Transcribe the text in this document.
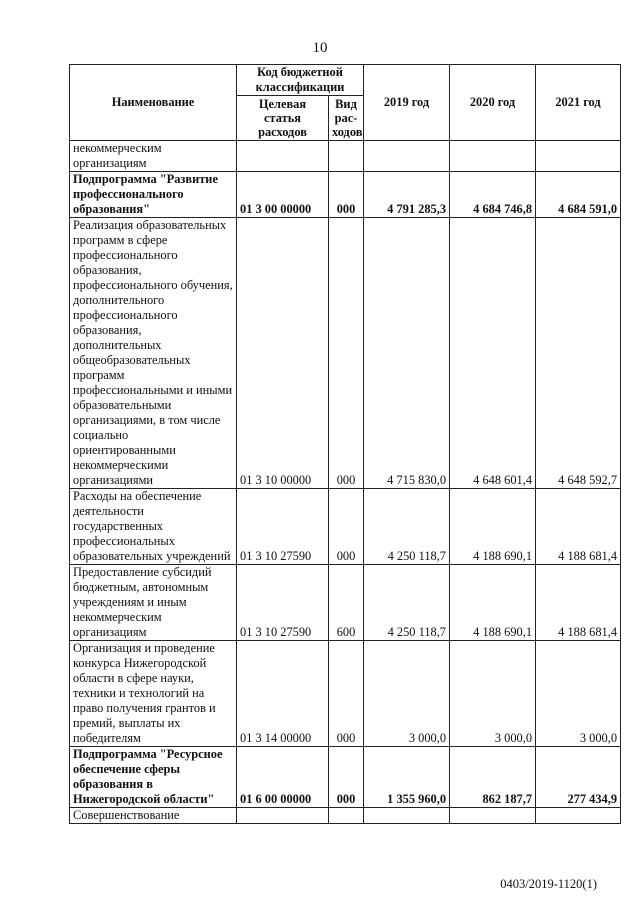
10
Наименование	Код бюджетной классификации		2019 год	2020 год	2021 год
	Целевая статья расходов	Вид рас-ходов			
некоммерческим организациям					
Подпрограмма "Развитие профессионального образования"	01 3 00 00000	000	4 791 285,3	4 684 746,8	4 684 591,0
Реализация образовательных программ в сфере профессионального образования, профессионального обучения, дополнительного профессионального образования, дополнительных общеобразовательных программ профессиональными и иными образовательными организациями, в том числе социально ориентированными некоммерческими организациями	01 3 10 00000	000	4 715 830,0	4 648 601,4	4 648 592,7
Расходы на обеспечение деятельности государственных профессиональных образовательных учреждений	01 3 10 27590	000	4 250 118,7	4 188 690,1	4 188 681,4
Предоставление субсидий бюджетным, автономным учреждениям и иным некоммерческим организациям	01 3 10 27590	600	4 250 118,7	4 188 690,1	4 188 681,4
Организация и проведение конкурса Нижегородской области в сфере науки, техники и технологий на право получения грантов и премий, выплаты их победителям	01 3 14 00000	000	3 000,0	3 000,0	3 000,0
Подпрограмма "Ресурсное обеспечение сферы образования в Нижегородской области"	01 6 00 00000	000	1 355 960,0	862 187,7	277 434,9
Совершенствование					
0403/2019-1120(1)
